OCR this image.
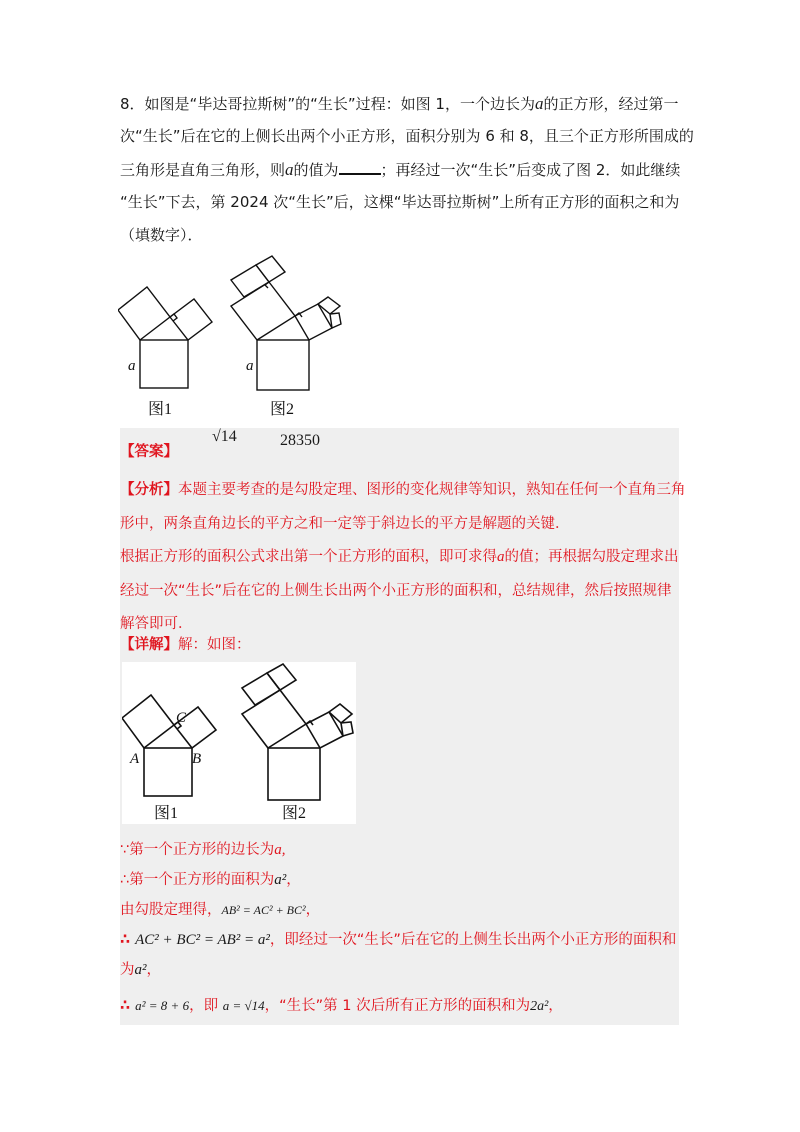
8．如图是“毕达哥拉斯树”的“生长”过程：如图 1，一个边长为a的正方形，经过第一
次“生长”后在它的上侧长出两个小正方形，面积分别为 6 和 8，且三个正方形所围成的
三角形是直角三角形，则a的值为	；再经过一次“生长”后变成了图 2．如此继续
“生长”下去，第 2024 次“生长”后，这棵“毕达哥拉斯树”上所有正方形的面积之和为
（填数字）．
a	a
图1	图2
【答案】
√14	28350
【分析】本题主要考查的是勾股定理、图形的变化规律等知识，熟知在任何一个直角三角
形中，两条直角边长的平方之和一定等于斜边长的平方是解题的关键．
根据正方形的面积公式求出第一个正方形的面积，即可求得a的值；再根据勾股定理求出
经过一次“生长”后在它的上侧生长出两个小正方形的面积和，总结规律，然后按照规律
解答即可．
【详解】解：如图：
C
A	B
图1	图2
∵第一个正方形的边长为a,
∴第一个正方形的面积为a²，
由勾股定理得，AB² = AC² + BC²，
∴ AC² + BC² = AB² = a²，即经过一次“生长”后在它的上侧生长出两个小正方形的面积和
为a²，
∴ a² = 8 + 6，即 a = √14，“生长”第 1 次后所有正方形的面积和为2a²，
